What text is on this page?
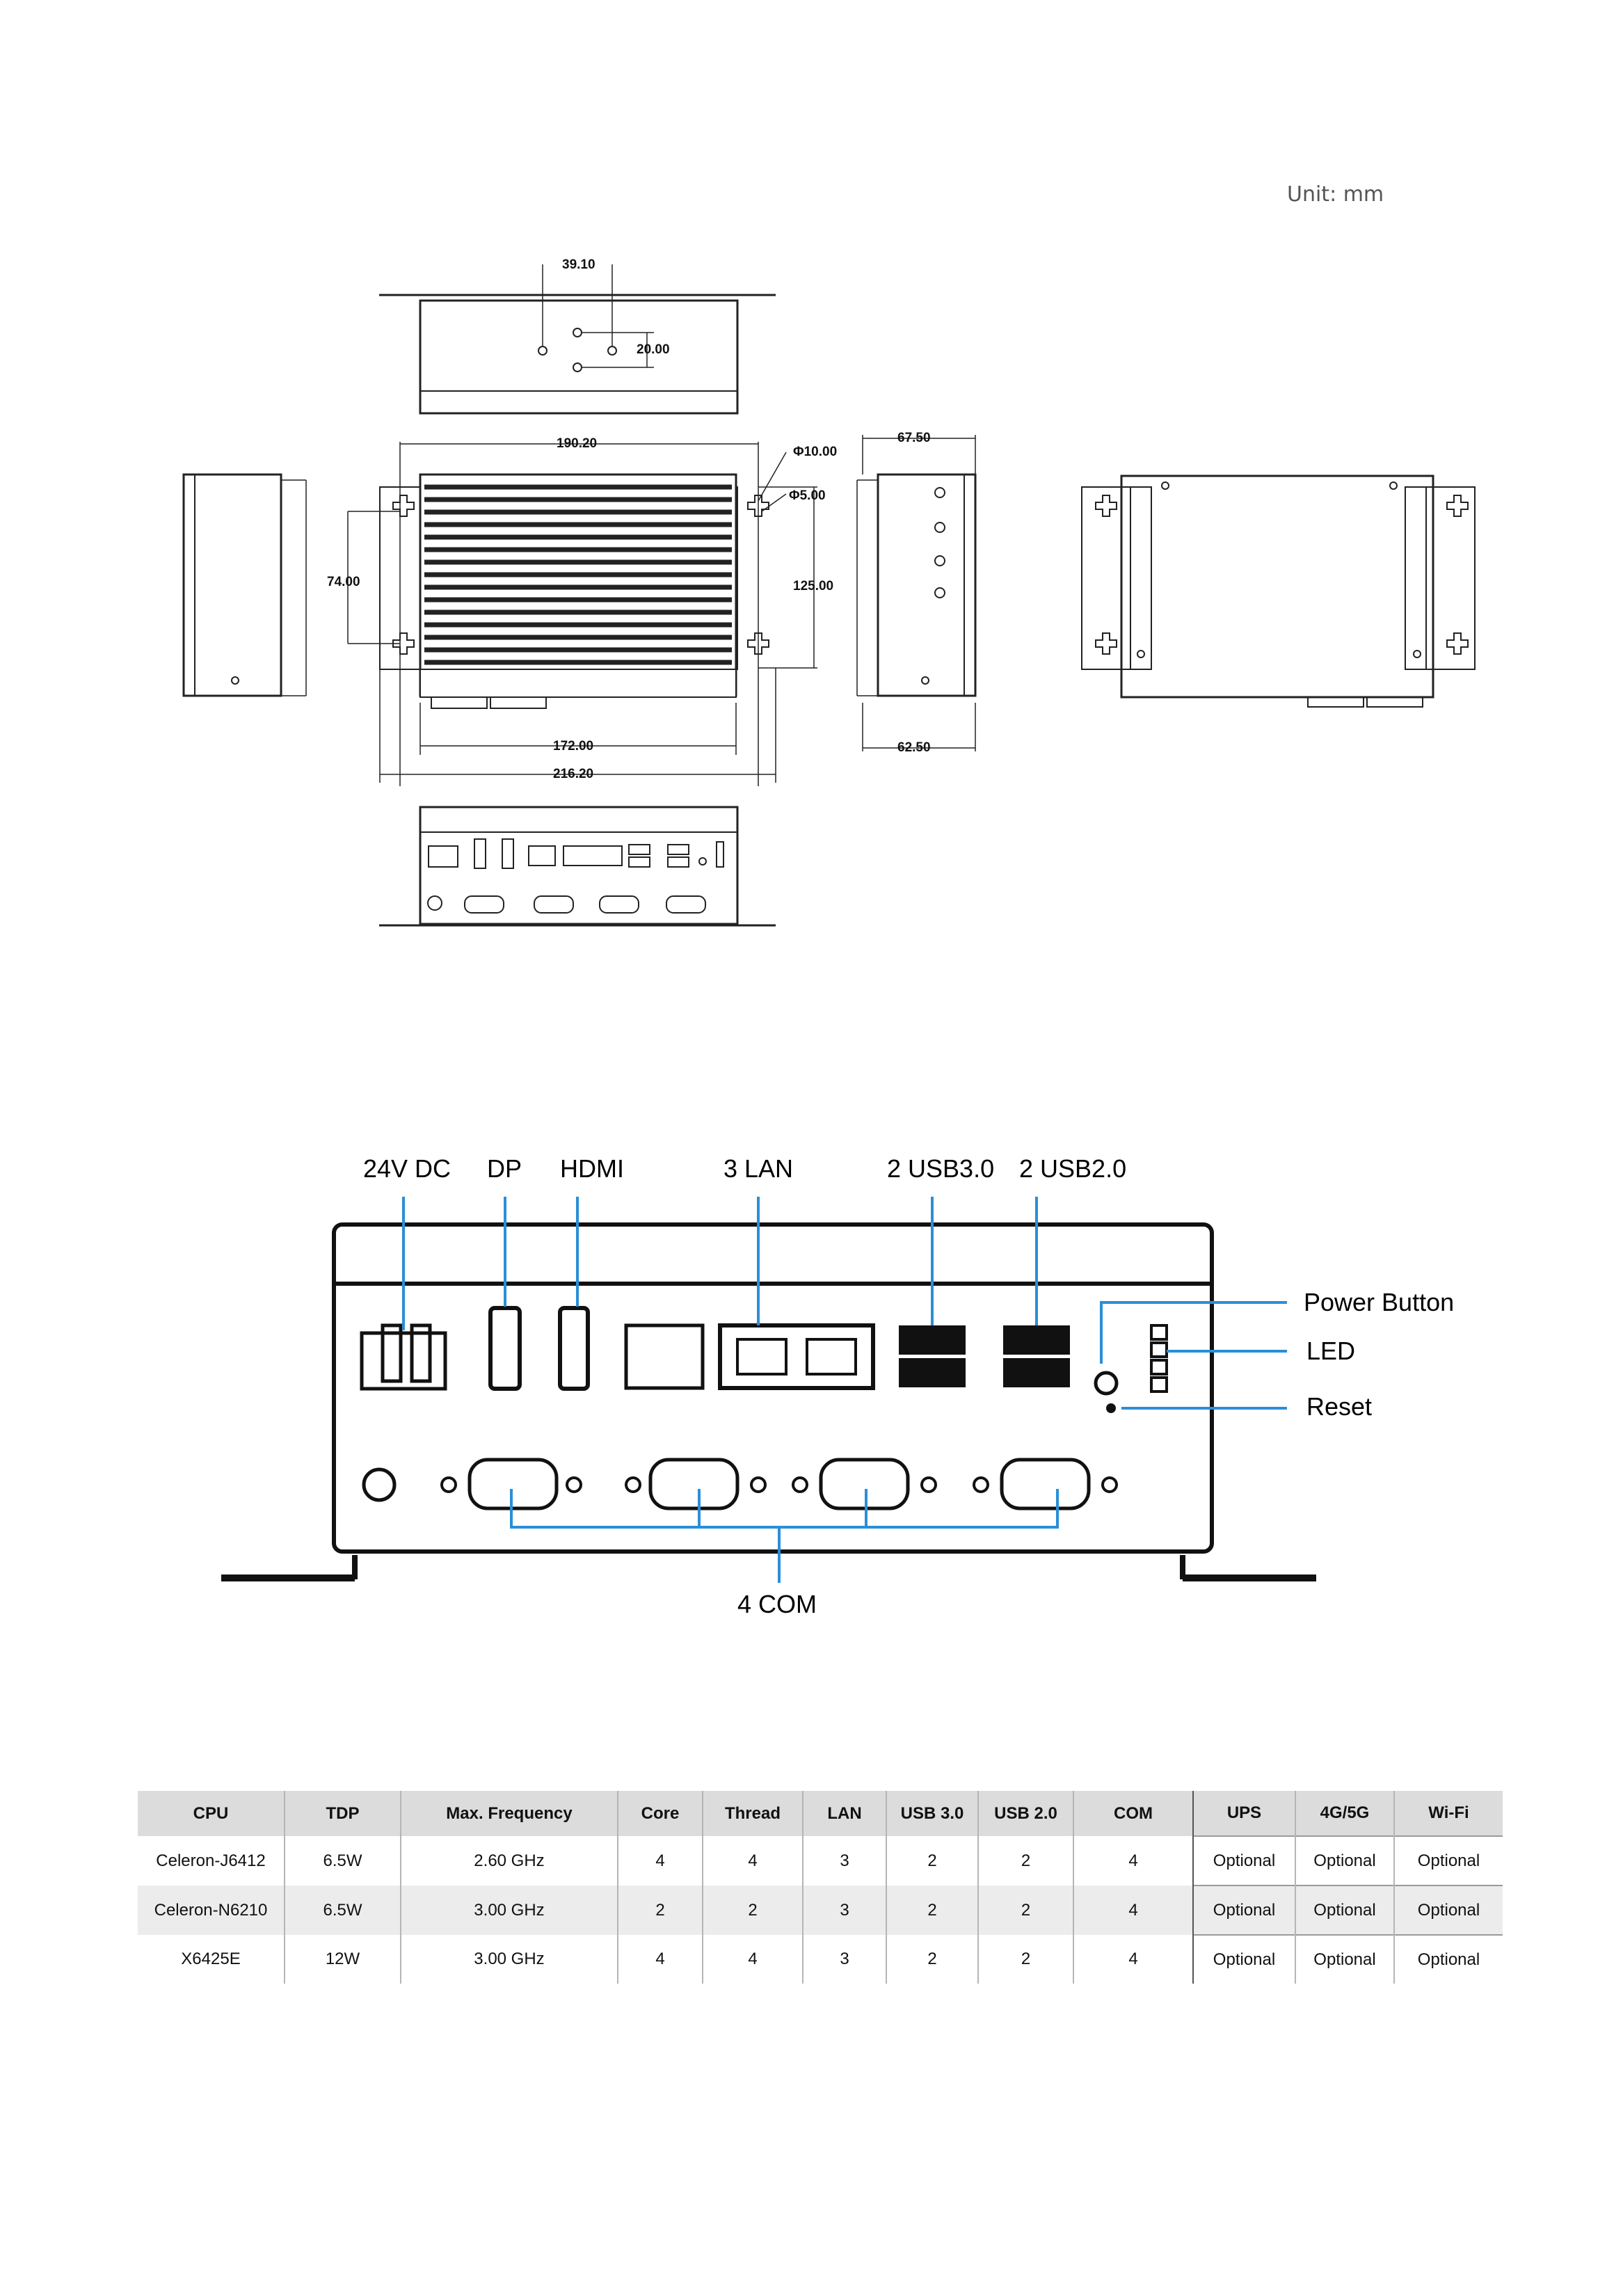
Unit: mm
39.10
20.00
190.20
Φ10.00
Φ5.00
74.00	125.00
172.00
216.20
67.50
62.50
24V DC DP HDMI	3 LAN	2 USB3.0 2 USB2.0
Power Button
LED
Reset
4 COM
CPU	TDP	Max. Frequency	Core	Thread	LAN	USB 3.0	USB 2.0	COM	UPS	4G/5G	Wi-Fi
Celeron-J6412	6.5W	2.60 GHz	4	4	3	2	2	4	Optional	Optional	Optional
Celeron-N6210	6.5W	3.00 GHz	2	2	3	2	2	4	Optional	Optional	Optional
X6425E	12W	3.00 GHz	4	4	3	2	2	4	Optional	Optional	Optional
